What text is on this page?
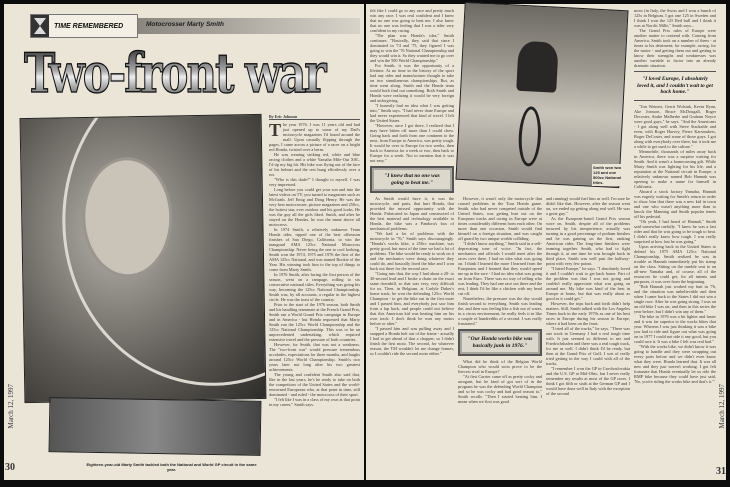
TIME REMEMBERED	Motocrosser Marty Smith
Two-front war
Eighteen-year-old Marty Smith tackled both the National and World GP circuit in the same year.
By Eric Johnson
T he year 1976. I was 11 years old and had just opened up to some of my Dad's motorcycle magazines I'd found around the mall. Upon casually flipping through the pages, I came across a picture of a racer on a bright red Honda, twisted over a berm.

He was wearing striking red, white and blue racing clothes and a white Yamaha Mile-Out XSL. I'd tip my big hit. His bike was flying out of the face of his helmet and the rest hung effortlessly over a rut.

"Who is this dude?" I thought to myself. I was very impressed.

Long before you could get your son and into the latest videos on TV, you turned to magazines such as McGrath, Jeff Emig and Doug Henry. He was the very best motocrosser, picture magazines and 250cc, the hottest star, ever outdoor and his good looks. He was the guy all the girls liked. Smith, and after he stayed on the Hondas, he was the name above all motocross.

In 1974 Smith, a relatively unknown Team Honda rider, ripped one of the best offseason finishes of San Diego, California, to win the inaugural AMA 125cc National Motocross Championship. Never being the one to cool looking, Smith won the 1974, 1975 and 1976 the first of the AMA 125cc National, and was named Rookie of the Year. His winning took him to the top of things to come from Marty Smith.

In 1976 Smith, after facing the first person of the season, went on a rampage, rolling to six consecutive national titles. Everything was going his way, becoming the 125cc National Championship. Smith was, by all accounts, a regular in the highest circle. He was the toast of the country.

Prior to the start of the 1976 season, both Smith and his handling teammate at the French Grand Prix, Smith ran a World Grand Prix campaign in Europe and in America - but Honda requested that Marty Smith run the 125cc World Championship and the 125cc National Championship. This was to be an unprecedented undertaking, which required extensive travel and the pressure of both countries.

However, for Smith, that was not a weakness. The "two-front war" would pressure tremendous accolades, expectations for three months, and laughs around 125cc World Championship. Smith's two years later not long after his two greatest achievements.

The young and confident Smith also said that, like in the last years, he's be ready to take on both the competitors of the United States and the world-renowned Europeans who, at that point in time, still dominated - and ruled - the motocross of their sport.

"I felt like I was in a class of my own at that point in my career," Smith says.

March 12, 1997
30

felt like I could go to any race and pretty much win any race. I was real confident and I knew that no one was going to beat me. I also knew that no one was feeling that I was a rider very confident in my racing.

"The plan was Honda's idea," Smith continues. "Basically, they said that since I dominated in '74 and '75, they figured I was going to win the '76 National Championship and they would win it. So they wanted me to go over and win the 500 World Championship."

For Smith, it was the opportunity of a lifetime. At no time in the history of the sport had any rider and manufacturer thought to take on two simultaneous championships. But, as time went along, Smith and the Honda team would both find out something. Both Smith and Honda were realizing it would be very foreign and unforgiving.

"I honestly had no idea what I was getting into," Smith says. "I had never done Europe and had never experienced that kind of travel. I left the United States.

"However, once I got there, I realized that I may have bitten off more than I could chew. Going back and forth from one continent to the next, from Europe to America, was pretty tough. It would be over to Europe for two weeks, then back to America for a week or two, then back to Europe for a week. Not to mention that it was not easy."

"I knew that no one was going to beat me."

As Smith would have it, it was the motorcycle, and parts, that hurt Honda, that provided the missed opportunity with the Honda. Fabricated in Japan and constructed of the best material and technology available to Honda, the bike was a Pandora's box of mechanical problems.

"We had a lot of problems with the motorcycle in '76," Smith says discouragingly. "Honda's works bike, a 250cc machine, was pretty good, but most of the time we had a lot of problems. The bike would be ready to work on it and the mechanics were doing whatever they could do, and basically fixed the bike and I won back out there for the second race.

"Going into that, the way I had about a 20- to 30-second lead and I broke a chain on the exact same downhill, so that was very, very difficult for us. Then, in Belgium, at Carlyle Duker's home track, he won the defending 125cc World Champion - to get the bike out in the first mote and I passed him, and everybody just saw him from a lap back, and people could not believe that this American kid was beating him on his own track. I don't think he won any motos before or after."

"I passed him and was pulling away and I snapped a Honda bolt out of the frame - actually I had to get ahead of that a chopper, so I didn't finish the first moto. The second, for whatever reason, the TM wouldn't let me change frames, so I couldn't ride the second moto either."

Smith won two 125 and one 500cc National titles.

However, it wasn't only the motorcycle that caused problems in the Tour Honda game. Smith, who had never competed outside of the United States, was getting hurt out on the European tracks and racing in Europe were at times considerably different from each other. On more than one occasion, Smith would find himself on a foreign situation, and was caught off guard by two unique worlds colliding.

"I didn't know anything," Smith said in a self-deprecating tone of voice. "In fact, the mechanics and officials I would meet after the races over there, I had no idea what was going on. I think I learned the more I learned from the Europeans and I learned that they would speed me up in the race - I had no idea what was going on from Euro. There was no way of telling who was leading. They had one race out there and the rest, I think I'd be like a chicken with my head cut off.

Nonetheless, the pressure was the day would finish second to everything. Smith was leading the, and then was feeling like a fish out of water, in a circus environment, he really feels it in like a couple of hundredths of a second. I was really frustrated."

"Our Honda works bike was basically junk in 1976."

What did he think of the Belgian World Champion who would soon prove to be the fiercest rival in Europe?

"At first Carrier came off as pretty cocky and arrogant, but he kind of got sort of in the program he was the defending World Champion and so he was cocky and had good reason to," Smith recalls. "Then I started beating him, I mean when we first was good

and running) would fuel him as well. I'm sure he didn't like that. However, after the season went on, we ended up getting along real well. He was a great guy."

As the European-based Grand Prix season wore on, Smith, despite all of the problems incurred by his inexperience, actually was turning in a good percentage of podium finishes and he was gaining on the first, ranking American rider. The long-time finishers were teaming together. Smith, who had to fight through it, at one time he was brought back in third place, Smith was well past the halfway-point with very few points.

"I hated Europe," he says. "I absolutely loved it and I couldn't wait to get back home. Part of the problem was that I was not going and couldn't really appreciate what was going on around me. My bike was kind of the best in Europe at home, but that was really about as good as it could get."

However, the trips back and forth didn't help matters. Still, Smith talked with the Los Angeles Times back in the early 1970s as one of his best races in Europe during his season in Europe, where it had been on the front.

"I tried all of the tracks," he says. "There was one track in Germany I had a real tough time with. It just seemed so different to me and Friedrichshafen and there was a real tough track, for me as well. I didn't think I'd be ready, but then at the Grand Prix of Gulf, I sort of really tried getting in the way I could with all of the tracks.

"I remember I won the GP in Czechoslovakia and the U.S. GP at Mid-Ohio, but I never really remember my results at most of the GP races. I think I got fifth or sixth at the German GP and I would have done well in Italy with the exception of the second

moto (in Italy, the Swiss and I won a bunch of 125s in Belgium. I got one 125 in Sweden and I think I won the 125 Red bull and I think it was at Nordic Mille," Smith says...

The Grand Prix rules of Europe were another matter to contend with. Coming from America, Smith took on a number of them - at times to his detriment; for example, racing, for the motor - and getting them out and getting to know their strengths and weaknesses was another variable to factor into an already dramatic situation.

"I loved Europe, I absolutely loved it, and I couldn't wait to get back home."

"Jim Weinert, Gerrit Wolsink, Kevin Ryan, Ake Jonsson, Bruce McDougall, Roger Decoster, Andre Malherbe and Graham Noyce were good guys," he says. "And the Americans - I got along well with Steve Stackable and even, with Roger Harvey, Pierre Karsmakers, Roger DeCoster, and some of those guys. I got along with everybody over there, but it took me a while to get used to the culture."

Meanwhile, thousands of miles away back in America, there was a surprise waiting for Smith. And it wasn't a homecoming gift. While Marty Smith was fighting for his life, and a reputation at the National circuit in Europe, a relatively unknown named Bob Hannah was opening to make a name for himself in California.

Aboard a stock factory Yamaha, Hannah was eagerly waiting for Smith's return in order to show him that there was a new kid in town and one who wasn't anything more than to knock the Manning and Smith popular tenets off his pedestal.

"Oh yeah, I had heard of Hannah," Smith said somewhat ruefully. "I knew he was a fast rider and that he was going to be tough to beat. I didn't really know how tough. I was really surprised at how fast he was going."

Upon arriving back in the United States to defend his 1975 AMA 125cc National Championship, Smith realized he was in trouble as Hannah immediately put his stamp on the class. Sitting on the rumble seat to an all-new Yamaha and, of course, all of the resources he could get, for all intents and purposes, it was over from the beginning.

"Bob Hannah just worked my butt in '76, and the situation was unbelievable and then when I came back to the States I did not win a single race. After he was going strong, I was on an old bike I was on, and then in this series the year before, but I didn't win any of them."

The bike in 1976 was a bit lighter and faster and it was far superior to the works bikes that year. Whereas I was just thinking it was a bike you had to ride and figure out what was going on in 1977 I could not ride it any good, but you could race it. It was a bike I felt was real bad."

"With the works bike, we didn't know it was going to handle and they were swapping out every parts before and we didn't even know what they were. Honda learned that. It was all new and they just weren't working. I got felt fortunate that Honda eventually let us ride the RMP bike because they could have just said, 'No, you're riding the works bike and that's it.'"

March 12, 1997
31
